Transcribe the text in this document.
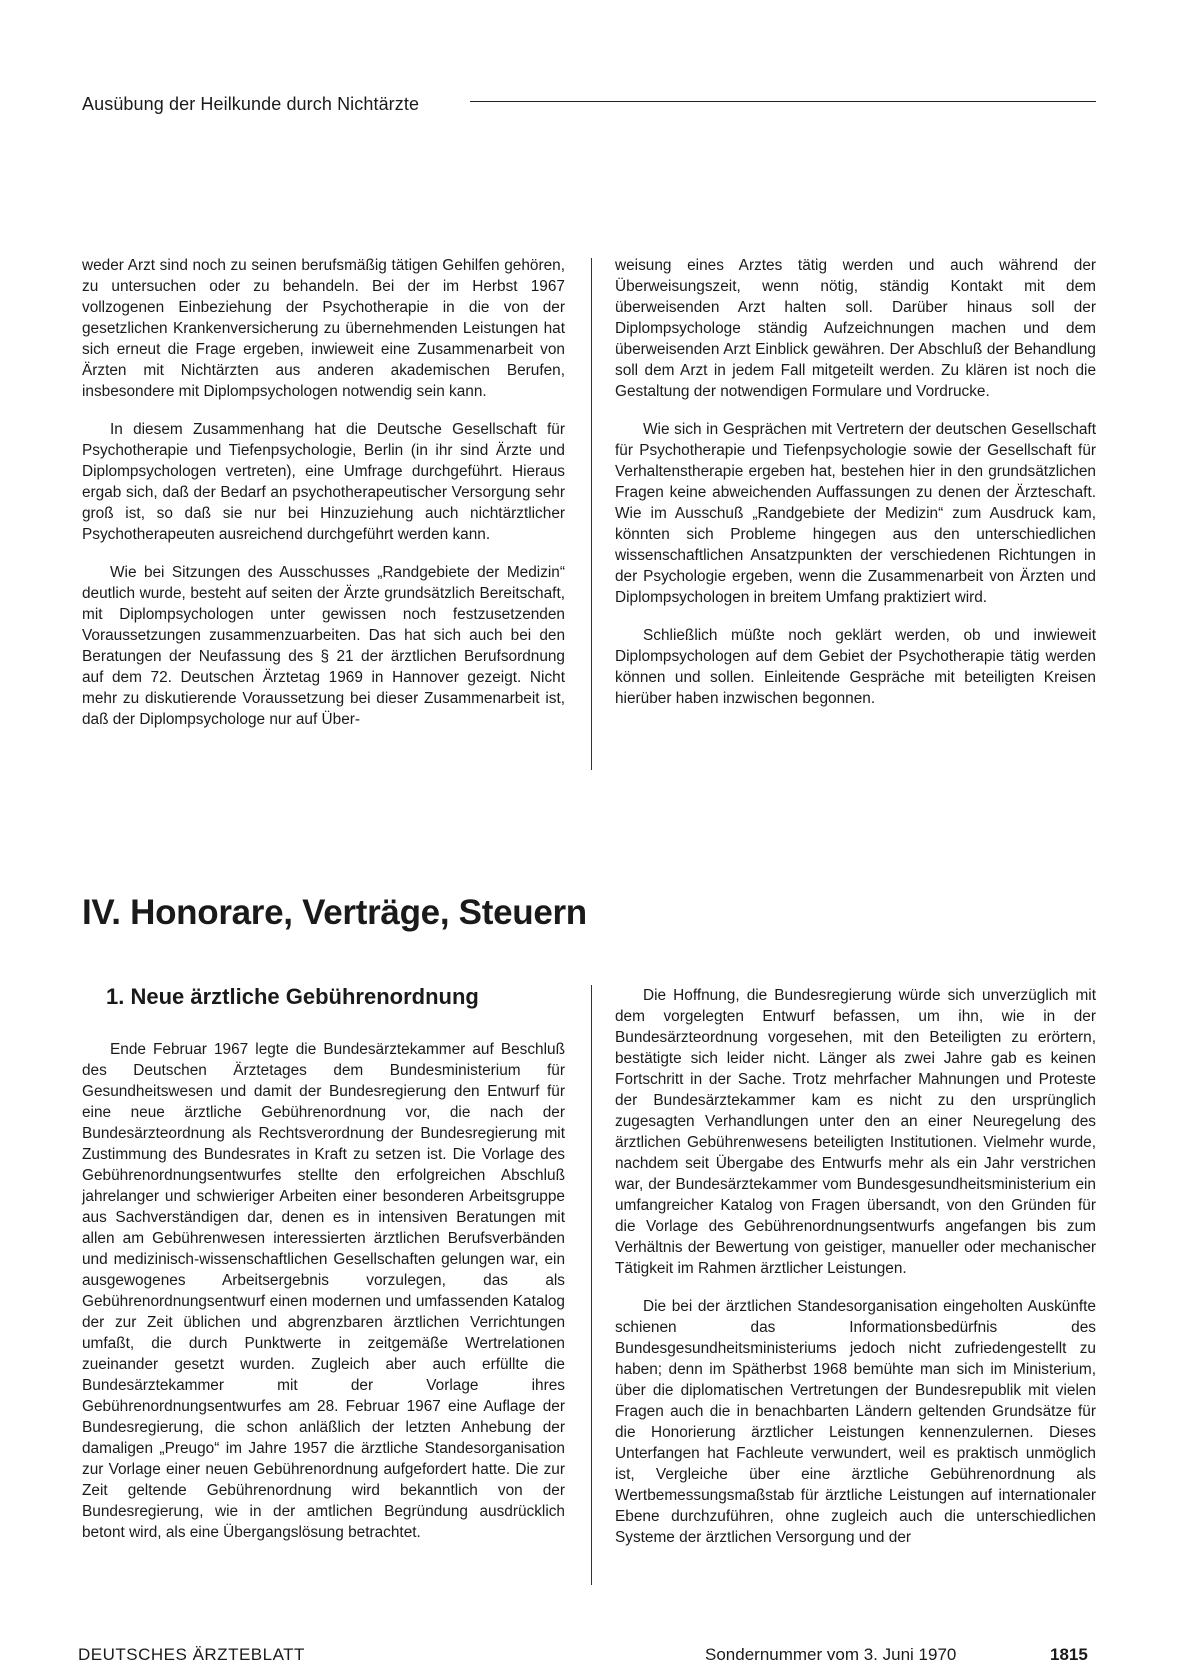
Ausübung der Heilkunde durch Nichtärzte

weder Arzt sind noch zu seinen berufsmäßig tätigen Gehilfen gehören, zu untersuchen oder zu behandeln. Bei der im Herbst 1967 vollzogenen Einbeziehung der Psychotherapie in die von der gesetzlichen Krankenversicherung zu übernehmenden Leistungen hat sich erneut die Frage ergeben, inwieweit eine Zusammenarbeit von Ärzten mit Nichtärzten aus anderen akademischen Berufen, insbesondere mit Diplompsychologen notwendig sein kann.

In diesem Zusammenhang hat die Deutsche Gesellschaft für Psychotherapie und Tiefenpsychologie, Berlin (in ihr sind Ärzte und Diplompsychologen vertreten), eine Umfrage durchgeführt. Hieraus ergab sich, daß der Bedarf an psychotherapeutischer Versorgung sehr groß ist, so daß sie nur bei Hinzuziehung auch nichtärztlicher Psychotherapeuten ausreichend durchgeführt werden kann.

Wie bei Sitzungen des Ausschusses „Randgebiete der Medizin“ deutlich wurde, besteht auf seiten der Ärzte grundsätzlich Bereitschaft, mit Diplompsychologen unter gewissen noch festzusetzenden Voraussetzungen zusammenzuarbeiten. Das hat sich auch bei den Beratungen der Neufassung des § 21 der ärztlichen Berufsordnung auf dem 72. Deutschen Ärztetag 1969 in Hannover gezeigt. Nicht mehr zu diskutierende Voraussetzung bei dieser Zusammenarbeit ist, daß der Diplompsychologe nur auf Über-

weisung eines Arztes tätig werden und auch während der Überweisungszeit, wenn nötig, ständig Kontakt mit dem überweisenden Arzt halten soll. Darüber hinaus soll der Diplompsychologe ständig Aufzeichnungen machen und dem überweisenden Arzt Einblick gewähren. Der Abschluß der Behandlung soll dem Arzt in jedem Fall mitgeteilt werden. Zu klären ist noch die Gestaltung der notwendigen Formulare und Vordrucke.

Wie sich in Gesprächen mit Vertretern der deutschen Gesellschaft für Psychotherapie und Tiefenpsychologie sowie der Gesellschaft für Verhaltenstherapie ergeben hat, bestehen hier in den grundsätzlichen Fragen keine abweichenden Auffassungen zu denen der Ärzteschaft. Wie im Ausschuß „Randgebiete der Medizin“ zum Ausdruck kam, könnten sich Probleme hingegen aus den unterschiedlichen wissenschaftlichen Ansatzpunkten der verschiedenen Richtungen in der Psychologie ergeben, wenn die Zusammenarbeit von Ärzten und Diplompsychologen in breitem Umfang praktiziert wird.

Schließlich müßte noch geklärt werden, ob und inwieweit Diplompsychologen auf dem Gebiet der Psychotherapie tätig werden können und sollen. Einleitende Gespräche mit beteiligten Kreisen hierüber haben inzwischen begonnen.

IV. Honorare, Verträge, Steuern
1. Neue ärztliche Gebührenordnung

Ende Februar 1967 legte die Bundesärztekammer auf Beschluß des Deutschen Ärztetages dem Bundesministerium für Gesundheitswesen und damit der Bundesregierung den Entwurf für eine neue ärztliche Gebührenordnung vor, die nach der Bundesärzteordnung als Rechtsverordnung der Bundesregierung mit Zustimmung des Bundesrates in Kraft zu setzen ist. Die Vorlage des Gebührenordnungsentwurfes stellte den erfolgreichen Abschluß jahrelanger und schwieriger Arbeiten einer besonderen Arbeitsgruppe aus Sachverständigen dar, denen es in intensiven Beratungen mit allen am Gebührenwesen interessierten ärztlichen Berufsverbänden und medizinisch-wissenschaftlichen Gesellschaften gelungen war, ein ausgewogenes Arbeitsergebnis vorzulegen, das als Gebührenordnungsentwurf einen modernen und umfassenden Katalog der zur Zeit üblichen und abgrenzbaren ärztlichen Verrichtungen umfaßt, die durch Punktwerte in zeitgemäße Wertrelationen zueinander gesetzt wurden. Zugleich aber auch erfüllte die Bundesärztekammer mit der Vorlage ihres Gebührenordnungsentwurfes am 28. Februar 1967 eine Auflage der Bundesregierung, die schon anläßlich der letzten Anhebung der damaligen „Preugo“ im Jahre 1957 die ärztliche Standesorganisation zur Vorlage einer neuen Gebührenordnung aufgefordert hatte. Die zur Zeit geltende Gebührenordnung wird bekanntlich von der Bundesregierung, wie in der amtlichen Begründung ausdrücklich betont wird, als eine Übergangslösung betrachtet.

Die Hoffnung, die Bundesregierung würde sich unverzüglich mit dem vorgelegten Entwurf befassen, um ihn, wie in der Bundesärzteordnung vorgesehen, mit den Beteiligten zu erörtern, bestätigte sich leider nicht. Länger als zwei Jahre gab es keinen Fortschritt in der Sache. Trotz mehrfacher Mahnungen und Proteste der Bundesärztekammer kam es nicht zu den ursprünglich zugesagten Verhandlungen unter den an einer Neuregelung des ärztlichen Gebührenwesens beteiligten Institutionen. Vielmehr wurde, nachdem seit Übergabe des Entwurfs mehr als ein Jahr verstrichen war, der Bundesärztekammer vom Bundesgesundheitsministerium ein umfangreicher Katalog von Fragen übersandt, von den Gründen für die Vorlage des Gebührenordnungsentwurfs angefangen bis zum Verhältnis der Bewertung von geistiger, manueller oder mechanischer Tätigkeit im Rahmen ärztlicher Leistungen.

Die bei der ärztlichen Standesorganisation eingeholten Auskünfte schienen das Informationsbedürfnis des Bundesgesundheitsministeriums jedoch nicht zufriedengestellt zu haben; denn im Spätherbst 1968 bemühte man sich im Ministerium, über die diplomatischen Vertretungen der Bundesrepublik mit vielen Fragen auch die in benachbarten Ländern geltenden Grundsätze für die Honorierung ärztlicher Leistungen kennenzulernen. Dieses Unterfangen hat Fachleute verwundert, weil es praktisch unmöglich ist, Vergleiche über eine ärztliche Gebührenordnung als Wertbemessungsmaßstab für ärztliche Leistungen auf internationaler Ebene durchzuführen, ohne zugleich auch die unterschiedlichen Systeme der ärztlichen Versorgung und der

DEUTSCHES ÄRZTEBLATT	Sondernummer vom 3. Juni 1970	1815
